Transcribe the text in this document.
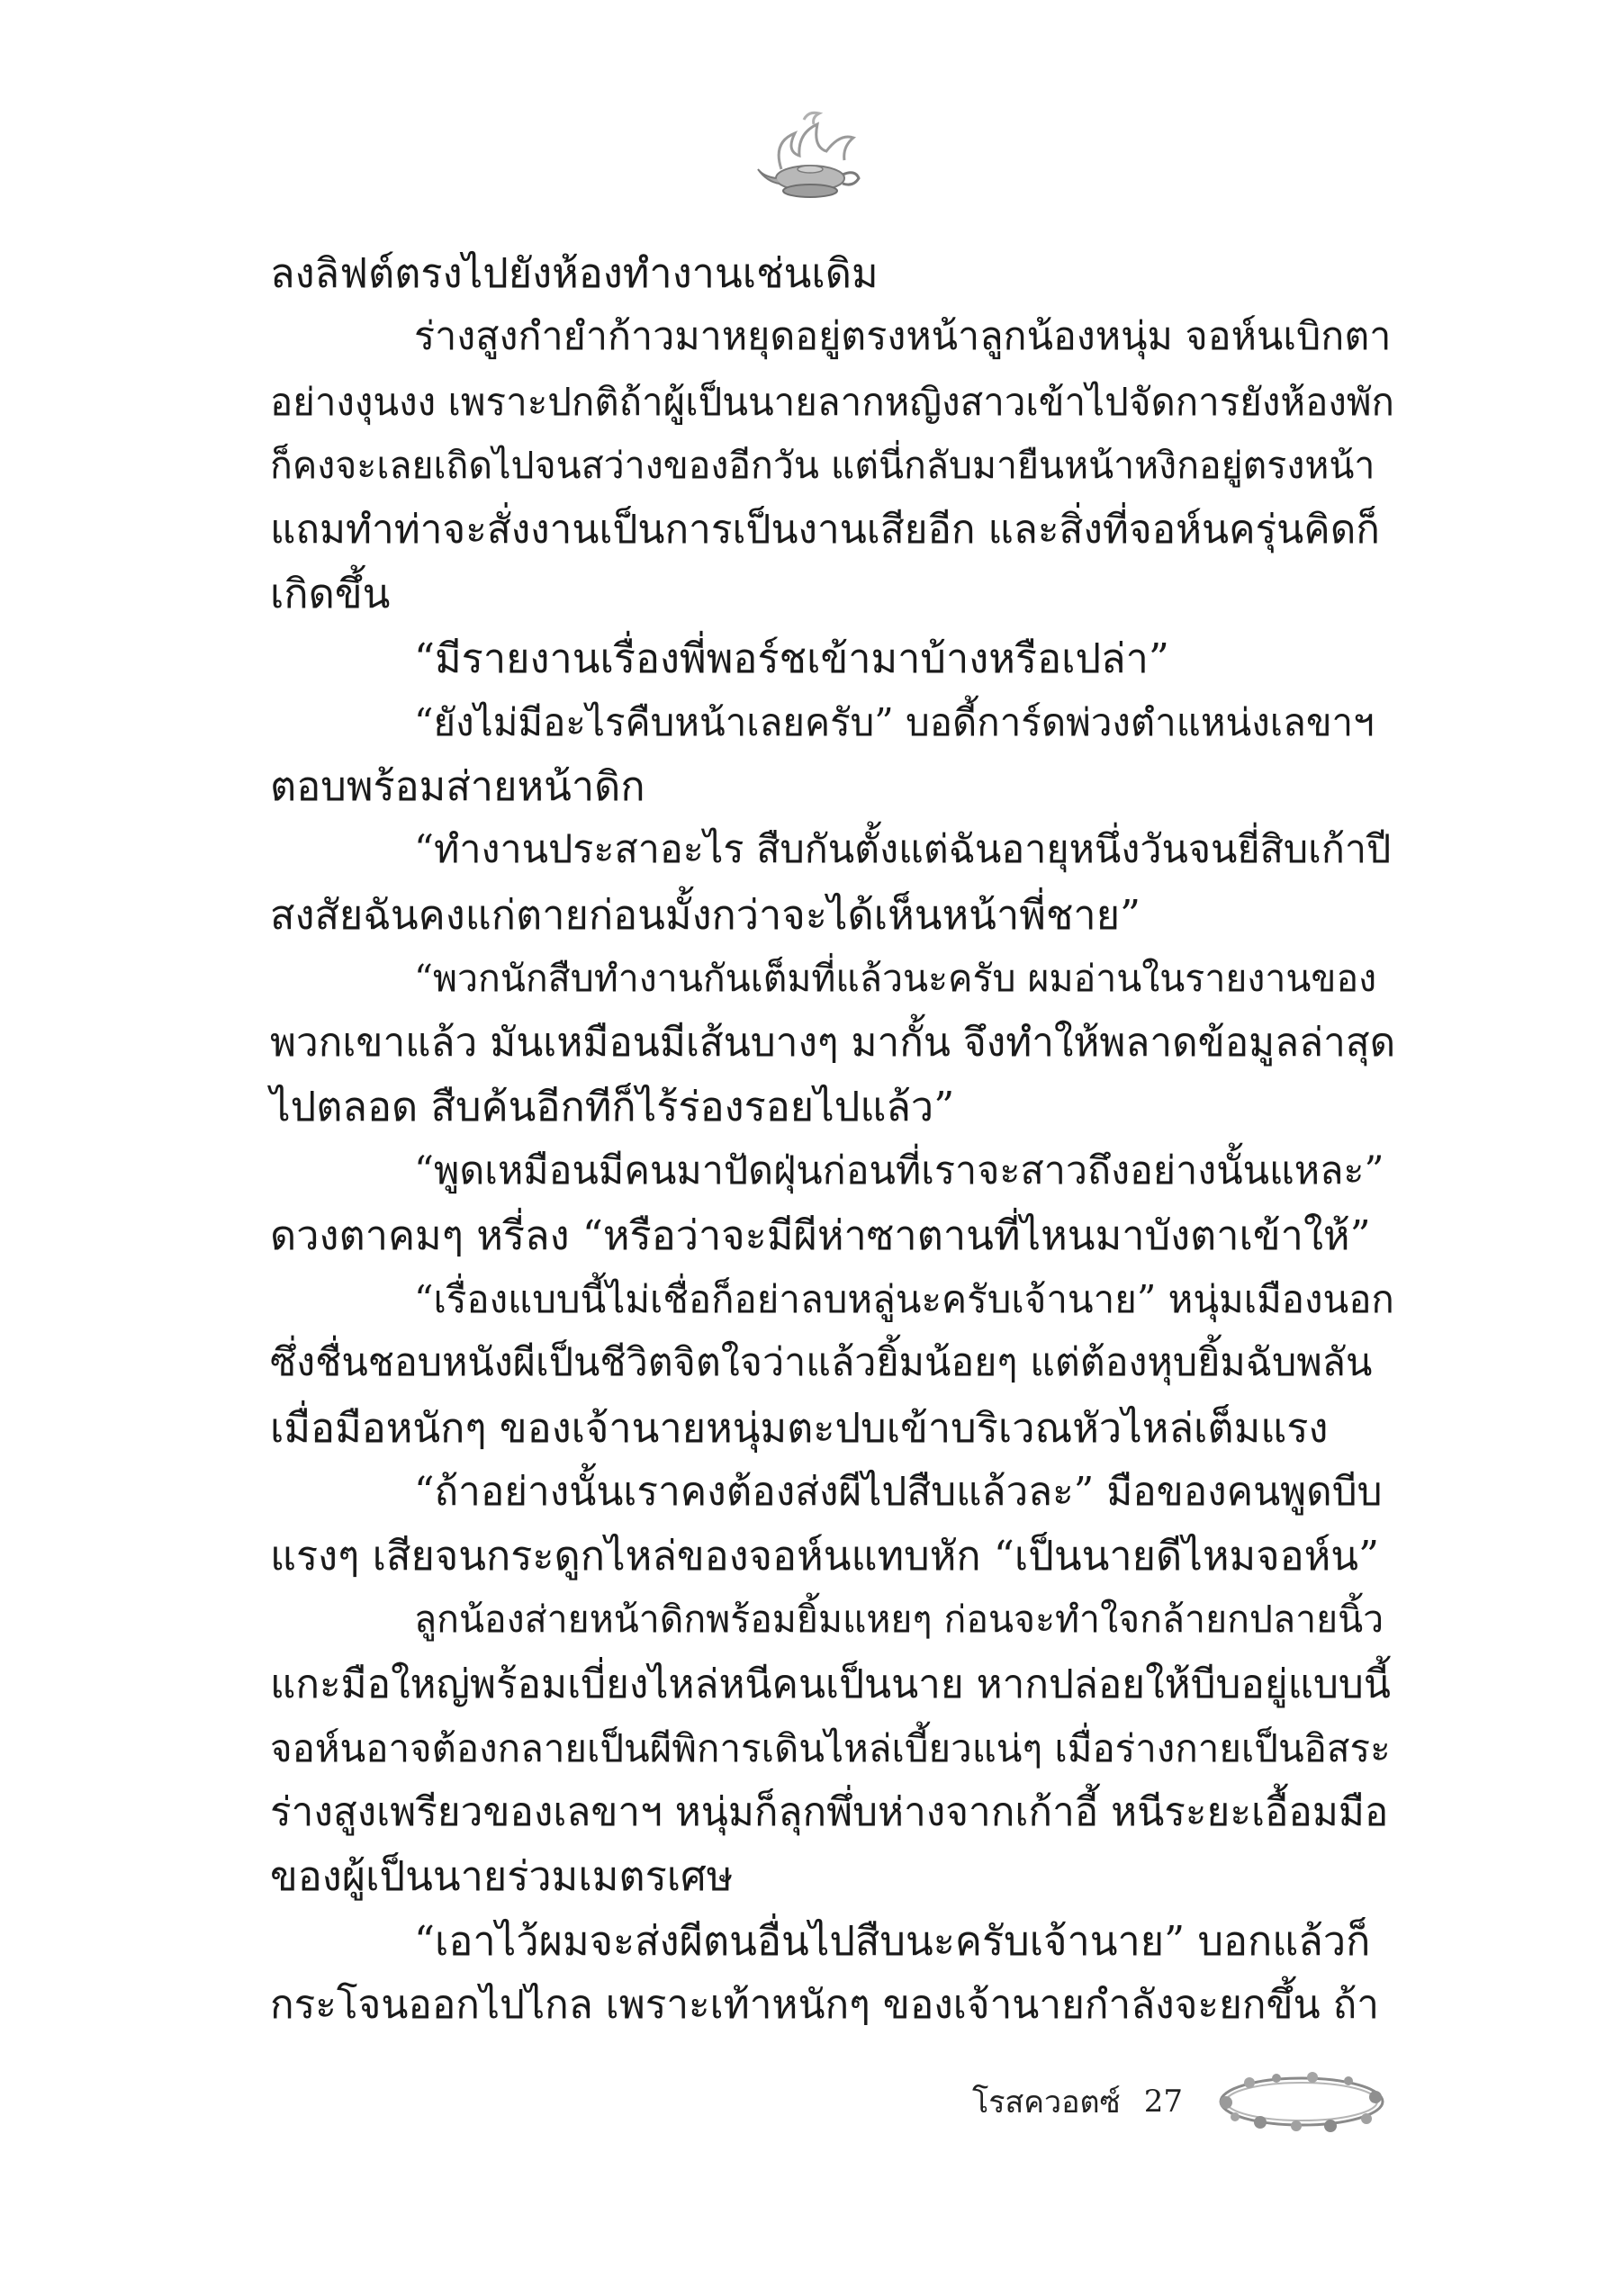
ลงลิฟต์ตรงไปยังห้องทำงานเช่นเดิม
ร่างสูงกำยำก้าวมาหยุดอยู่ตรงหน้าลูกน้องหนุ่ม จอห์นเบิกตา
อย่างงุนงง เพราะปกติถ้าผู้เป็นนายลากหญิงสาวเข้าไปจัดการยังห้องพัก
ก็คงจะเลยเถิดไปจนสว่างของอีกวัน แต่นี่กลับมายืนหน้าหงิกอยู่ตรงหน้า
แถมทำท่าจะสั่งงานเป็นการเป็นงานเสียอีก และสิ่งที่จอห์นครุ่นคิดก็
เกิดขึ้น
“มีรายงานเรื่องพี่พอร์ชเข้ามาบ้างหรือเปล่า”
“ยังไม่มีอะไรคืบหน้าเลยครับ” บอดี้การ์ดพ่วงตำแหน่งเลขาฯ
ตอบพร้อมส่ายหน้าดิก
“ทำงานประสาอะไร สืบกันตั้งแต่ฉันอายุหนึ่งวันจนยี่สิบเก้าปี
สงสัยฉันคงแก่ตายก่อนมั้งกว่าจะได้เห็นหน้าพี่ชาย”
“พวกนักสืบทำงานกันเต็มที่แล้วนะครับ ผมอ่านในรายงานของ
พวกเขาแล้ว มันเหมือนมีเส้นบางๆ มากั้น จึงทำให้พลาดข้อมูลล่าสุด
ไปตลอด สืบค้นอีกทีก็ไร้ร่องรอยไปแล้ว”
“พูดเหมือนมีคนมาปัดฝุ่นก่อนที่เราจะสาวถึงอย่างนั้นแหละ”
ดวงตาคมๆ หรี่ลง “หรือว่าจะมีผีห่าซาตานที่ไหนมาบังตาเข้าให้”
“เรื่องแบบนี้ไม่เชื่อก็อย่าลบหลู่นะครับเจ้านาย” หนุ่มเมืองนอก
ซึ่งชื่นชอบหนังผีเป็นชีวิตจิตใจว่าแล้วยิ้มน้อยๆ แต่ต้องหุบยิ้มฉับพลัน
เมื่อมือหนักๆ ของเจ้านายหนุ่มตะปบเข้าบริเวณหัวไหล่เต็มแรง
“ถ้าอย่างนั้นเราคงต้องส่งผีไปสืบแล้วละ” มือของคนพูดบีบ
แรงๆ เสียจนกระดูกไหล่ของจอห์นแทบหัก “เป็นนายดีไหมจอห์น”
ลูกน้องส่ายหน้าดิกพร้อมยิ้มแหยๆ ก่อนจะทำใจกล้ายกปลายนิ้ว
แกะมือใหญ่พร้อมเบี่ยงไหล่หนีคนเป็นนาย หากปล่อยให้บีบอยู่แบบนี้
จอห์นอาจต้องกลายเป็นผีพิการเดินไหล่เบี้ยวแน่ๆ เมื่อร่างกายเป็นอิสระ
ร่างสูงเพรียวของเลขาฯ หนุ่มก็ลุกพึ่บห่างจากเก้าอี้ หนีระยะเอื้อมมือ
ของผู้เป็นนายร่วมเมตรเศษ
“เอาไว้ผมจะส่งผีตนอื่นไปสืบนะครับเจ้านาย” บอกแล้วก็
กระโจนออกไปไกล เพราะเท้าหนักๆ ของเจ้านายกำลังจะยกขึ้น ถ้า
โรสควอตซ์ 27
